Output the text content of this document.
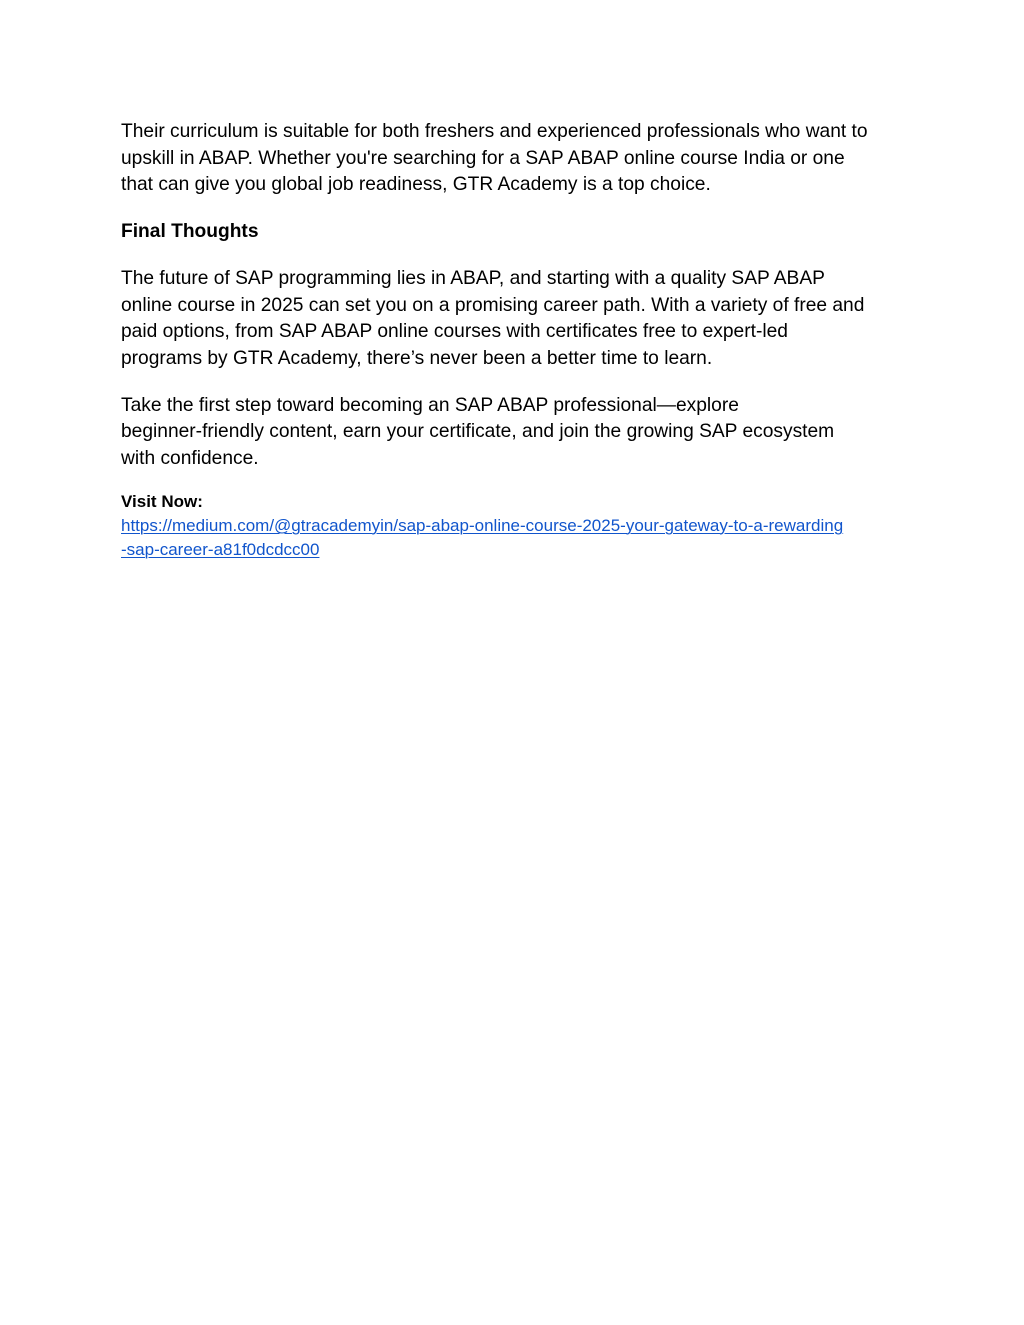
Their curriculum is suitable for both freshers and experienced professionals who want to
upskill in ABAP. Whether you're searching for a SAP ABAP online course India or one
that can give you global job readiness, GTR Academy is a top choice.

Final Thoughts

The future of SAP programming lies in ABAP, and starting with a quality SAP ABAP
online course in 2025 can set you on a promising career path. With a variety of free and
paid options, from SAP ABAP online courses with certificates free to expert-led
programs by GTR Academy, there’s never been a better time to learn.

Take the first step toward becoming an SAP ABAP professional—explore
beginner-friendly content, earn your certificate, and join the growing SAP ecosystem
with confidence.

Visit Now:
https://medium.com/@gtracademyin/sap-abap-online-course-2025-your-gateway-to-a-rewarding
-sap-career-a81f0dcdcc00
